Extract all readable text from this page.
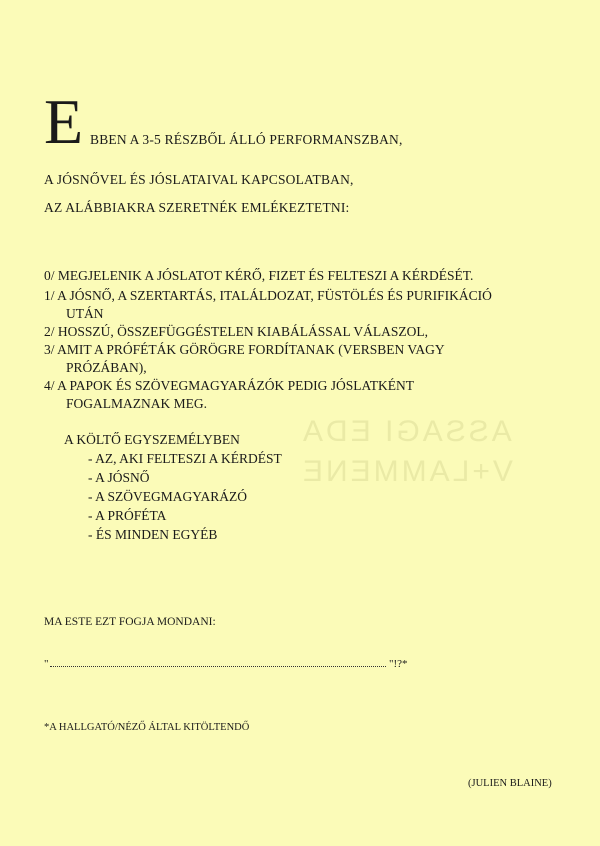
ASSAGI EDA
V+LAMMENE
E BBEN A 3-5 RÉSZBŐL ÁLLÓ PERFORMANSZBAN,
A JÓSNŐVEL ÉS JÓSLATAIVAL KAPCSOLATBAN,
AZ ALÁBBIAKRA SZERETNÉK EMLÉKEZTETNI:
0/ MEGJELENIK A JÓSLATOT KÉRŐ, FIZET ÉS FELTESZI A KÉRDÉSÉT.
1/ A JÓSNŐ, A SZERTARTÁS, ITALÁLDOZAT, FÜSTÖLÉS ÉS PURIFIKÁCIÓ
UTÁN
2/ HOSSZÚ, ÖSSZEFÜGGÉSTELEN KIABÁLÁSSAL VÁLASZOL,
3/ AMIT A PRÓFÉTÁK GÖRÖGRE FORDÍTANAK (VERSBEN VAGY
PRÓZÁBAN),
4/ A PAPOK ÉS SZÖVEGMAGYARÁZÓK PEDIG JÓSLATKÉNT
FOGALMAZNAK MEG.
A KÖLTŐ EGYSZEMÉLYBEN
- AZ, AKI FELTESZI A KÉRDÉST
- A JÓSNŐ
- A SZÖVEGMAGYARÁZÓ
- A PRÓFÉTA
- ÉS MINDEN EGYÉB
MA ESTE EZT FOGJA MONDANI:
"	"!?*
*A HALLGATÓ/NÉZŐ ÁLTAL KITÖLTENDŐ
(JULIEN BLAINE)
